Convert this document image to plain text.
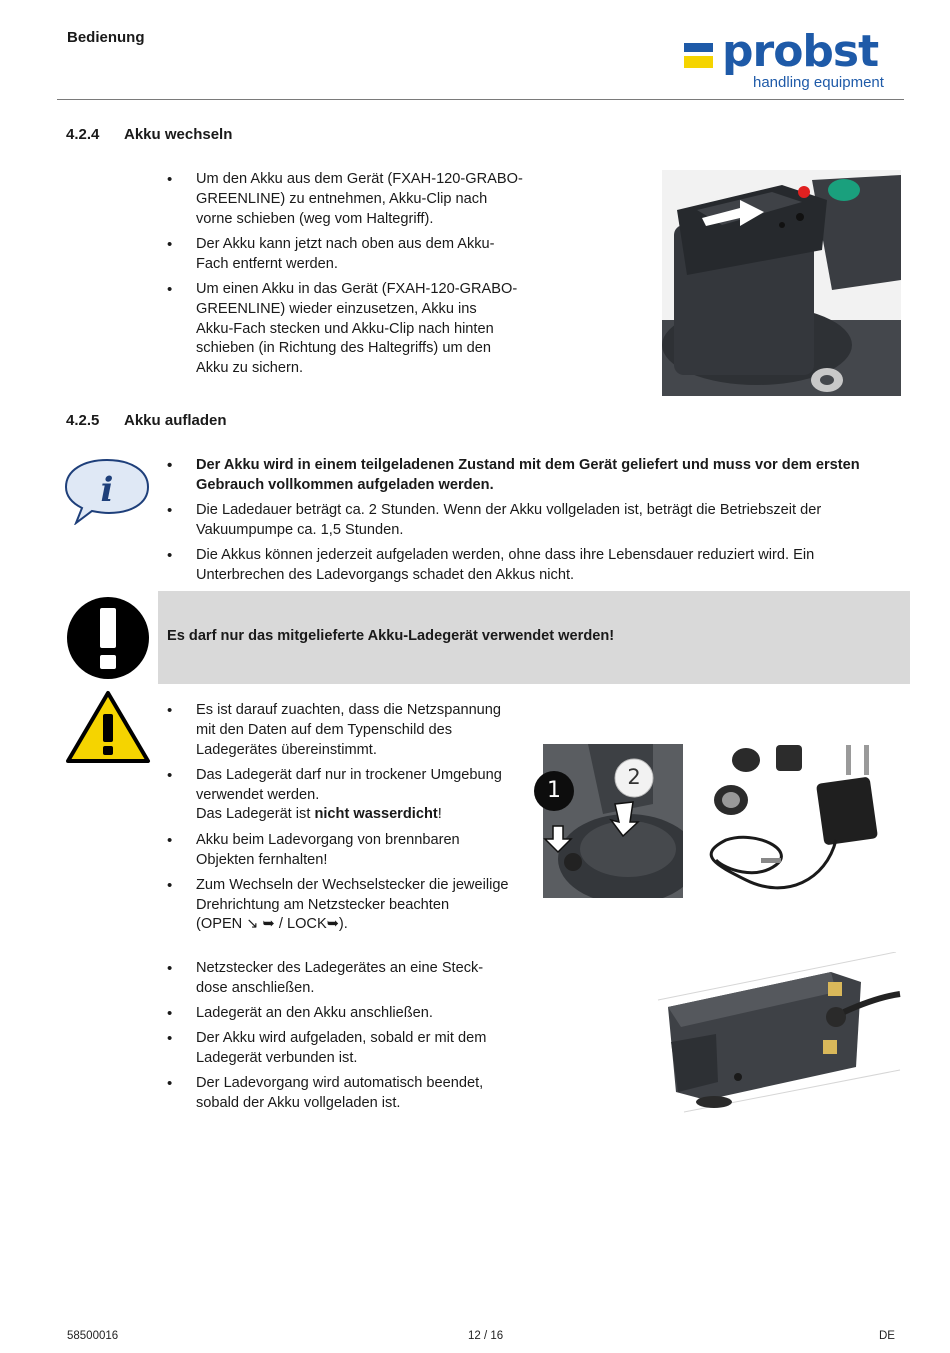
Bedienung	probst
handling equipment
4.2.4 Akku wechseln
• Um den Akku aus dem Gerät (FXAH-120-GRABO-
GREENLINE) zu entnehmen, Akku-Clip nach
vorne schieben (weg vom Haltegriff).
• Der Akku kann jetzt nach oben aus dem Akku-
Fach entfernt werden.
• Um einen Akku in das Gerät (FXAH-120-GRABO-
GREENLINE) wieder einzusetzen, Akku ins
Akku-Fach stecken und Akku-Clip nach hinten
schieben (in Richtung des Haltegriffs) um den
Akku zu sichern.
4.2.5 Akku aufladen
i
• Der Akku wird in einem teilgeladenen Zustand mit dem Gerät geliefert und muss vor dem ersten Gebrauch vollkommen aufgeladen werden.
• Die Ladedauer beträgt ca. 2 Stunden. Wenn der Akku vollgeladen ist, beträgt die Betriebszeit der Vakuumpumpe ca. 1,5 Stunden.
• Die Akkus können jederzeit aufgeladen werden, ohne dass ihre Lebensdauer reduziert wird. Ein Unterbrechen des Ladevorgangs schadet den Akkus nicht.
Es darf nur das mitgelieferte Akku-Ladegerät verwendet werden!
• Es ist darauf zuachten, dass die Netzspannung
mit den Daten auf dem Typenschild des
Ladegerätes übereinstimmt.
• Das Ladegerät darf nur in trockener Umgebung
verwendet werden.
Das Ladegerät ist nicht wasserdicht!
• Akku beim Ladevorgang von brennbaren
Objekten fernhalten!
• Zum Wechseln der Wechselstecker die jeweilige
Drehrichtung am Netzstecker beachten
(OPEN ↘ ➥ / LOCK➥).
1
2
• Netzstecker des Ladegerätes an eine Steck-
dose anschließen.
• Ladegerät an den Akku anschließen.
• Der Akku wird aufgeladen, sobald er mit dem
Ladegerät verbunden ist.
• Der Ladevorgang wird automatisch beendet,
sobald der Akku vollgeladen ist.
58500016	12 / 16	DE
